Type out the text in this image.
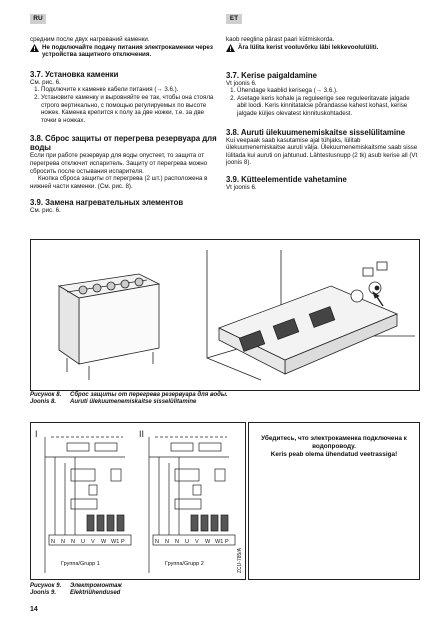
RU	ET

средним после двух нагреваний каменки.

Не подключайте подачу питания электрокаменки через устройства защитного отключения.

3.7. Установка каменки

См. рис. 6.

1. Подключите к каменке кабели питания (→ 3.6.).
2. Установите каменку и выровняйте ее так, чтобы она стояла строго вертикально, с помощью регулируемых по высоте ножек. Каменка крепится к полу за две ножки, т.е. за две точки в ножках.

3.8. Сброс защиты от перегрева резервуара для воды

Если при работе резервуар для воды опустеет, то защита от перегрева отключит испаритель. Защиту от перегрева можно сбросить после остывания испарителя.

Кнопка сброса защиты от перегрева (2 шт.) расположена в нижней части каменки. (См. рис. 8).

3.9. Замена нагревательных элементов

См. рис. 6.

kaob reeglina pärast paari kütmiskorda.

Ära lülita kerist vooluvõrku läbi lekkevoolulüliti.

3.7. Kerise paigaldamine

Vt joonis 6.

1. Ühendage kaablid kerisega (→ 3.6.).
2. Asetage keris kohale ja reguleerige see reguleeritavate jalgade abil loodi. Keris kinnitatakse põrandasse kahest kohast, kerise jalgade küljes olevatest kinnituskohtadest.

3.8. Auruti ülekuumenemiskaitse sisselülitamine

Kui veepaak saab kasutamise ajal tühjaks, lülitab ülekuumenemiskaitse auruti välja. Ülekuumenemiskaitsme saab sisse lülitada kui auruti on jahtunud. Lähtestusnupp (2 tk) asub kerise all (Vt joonis 8).

3.9. Kütteelementide vahetamine

Vt joonis 6.

Рисунок 8. Сброс защиты от перегрева резервуара для воды.
Joonis 8. Auruti ülekuumenemiskaitse sisselülitamine
I	II
N N N U V W W1 P	N N N U V W W1 P
Группа/Grupp 1	Группа/Grupp 2	ZCU-785/A
Убедитесь, что электрокаменка подключена к водопроводу.
Keris peab olema ühendatud veetrassiga!
Рисунок 9. Электромонтаж
Joonis 9. Elektriühendused
14
